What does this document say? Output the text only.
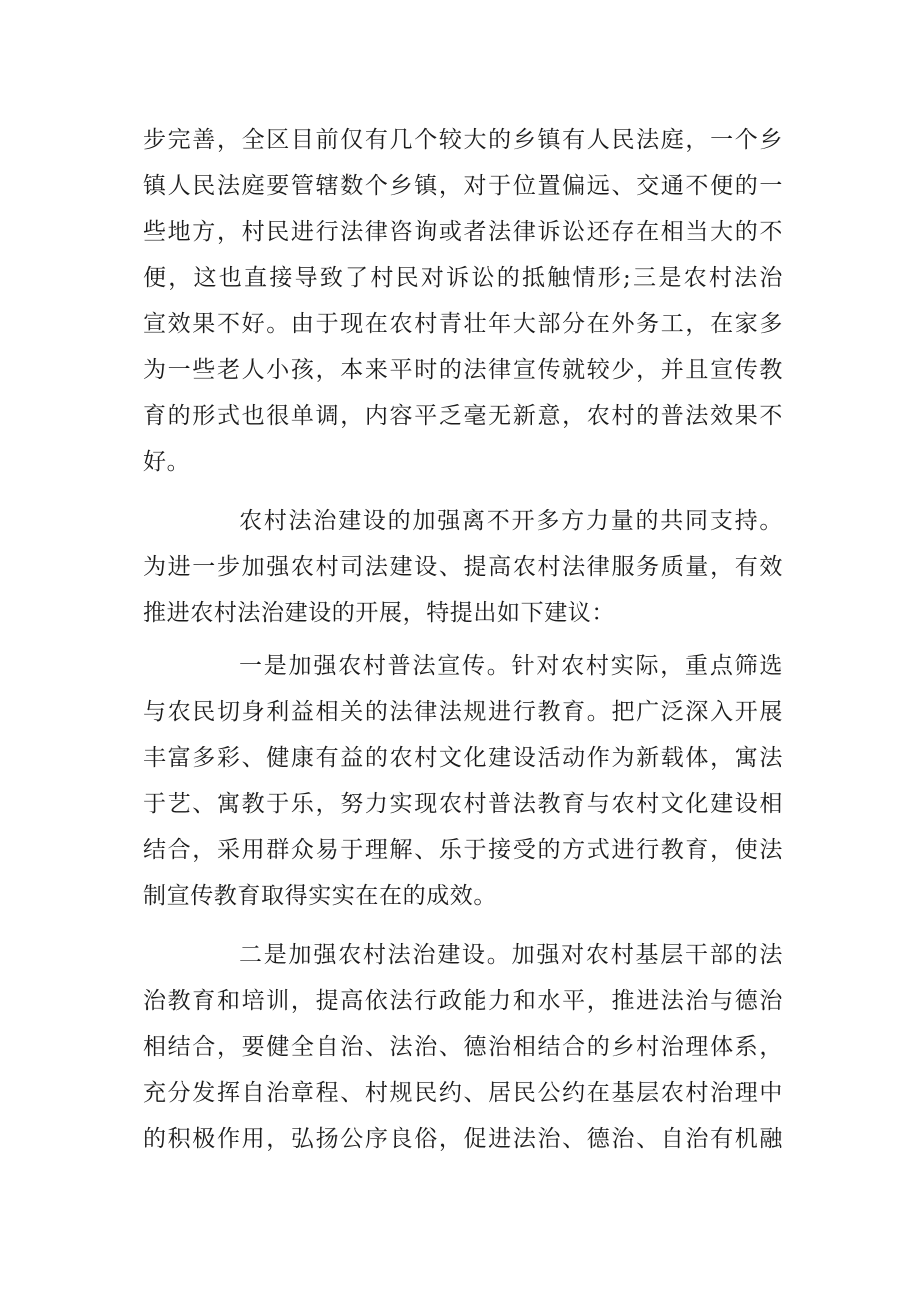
步完善，全区目前仅有几个较大的乡镇有人民法庭，一个乡
镇人民法庭要管辖数个乡镇，对于位置偏远、交通不便的一
些地方，村民进行法律咨询或者法律诉讼还存在相当大的不
便，这也直接导致了村民对诉讼的抵触情形;三是农村法治
宣效果不好。由于现在农村青壮年大部分在外务工，在家多
为一些老人小孩，本来平时的法律宣传就较少，并且宣传教
育的形式也很单调，内容平乏毫无新意，农村的普法效果不
好。
农村法治建设的加强离不开多方力量的共同支持。
为进一步加强农村司法建设、提高农村法律服务质量，有效
推进农村法治建设的开展，特提出如下建议：
一是加强农村普法宣传。针对农村实际，重点筛选
与农民切身利益相关的法律法规进行教育。把广泛深入开展
丰富多彩、健康有益的农村文化建设活动作为新载体，寓法
于艺、寓教于乐，努力实现农村普法教育与农村文化建设相
结合，采用群众易于理解、乐于接受的方式进行教育，使法
制宣传教育取得实实在在的成效。
二是加强农村法治建设。加强对农村基层干部的法
治教育和培训，提高依法行政能力和水平，推进法治与德治
相结合，要健全自治、法治、德治相结合的乡村治理体系，
充分发挥自治章程、村规民约、居民公约在基层农村治理中
的积极作用，弘扬公序良俗，促进法治、德治、自治有机融
